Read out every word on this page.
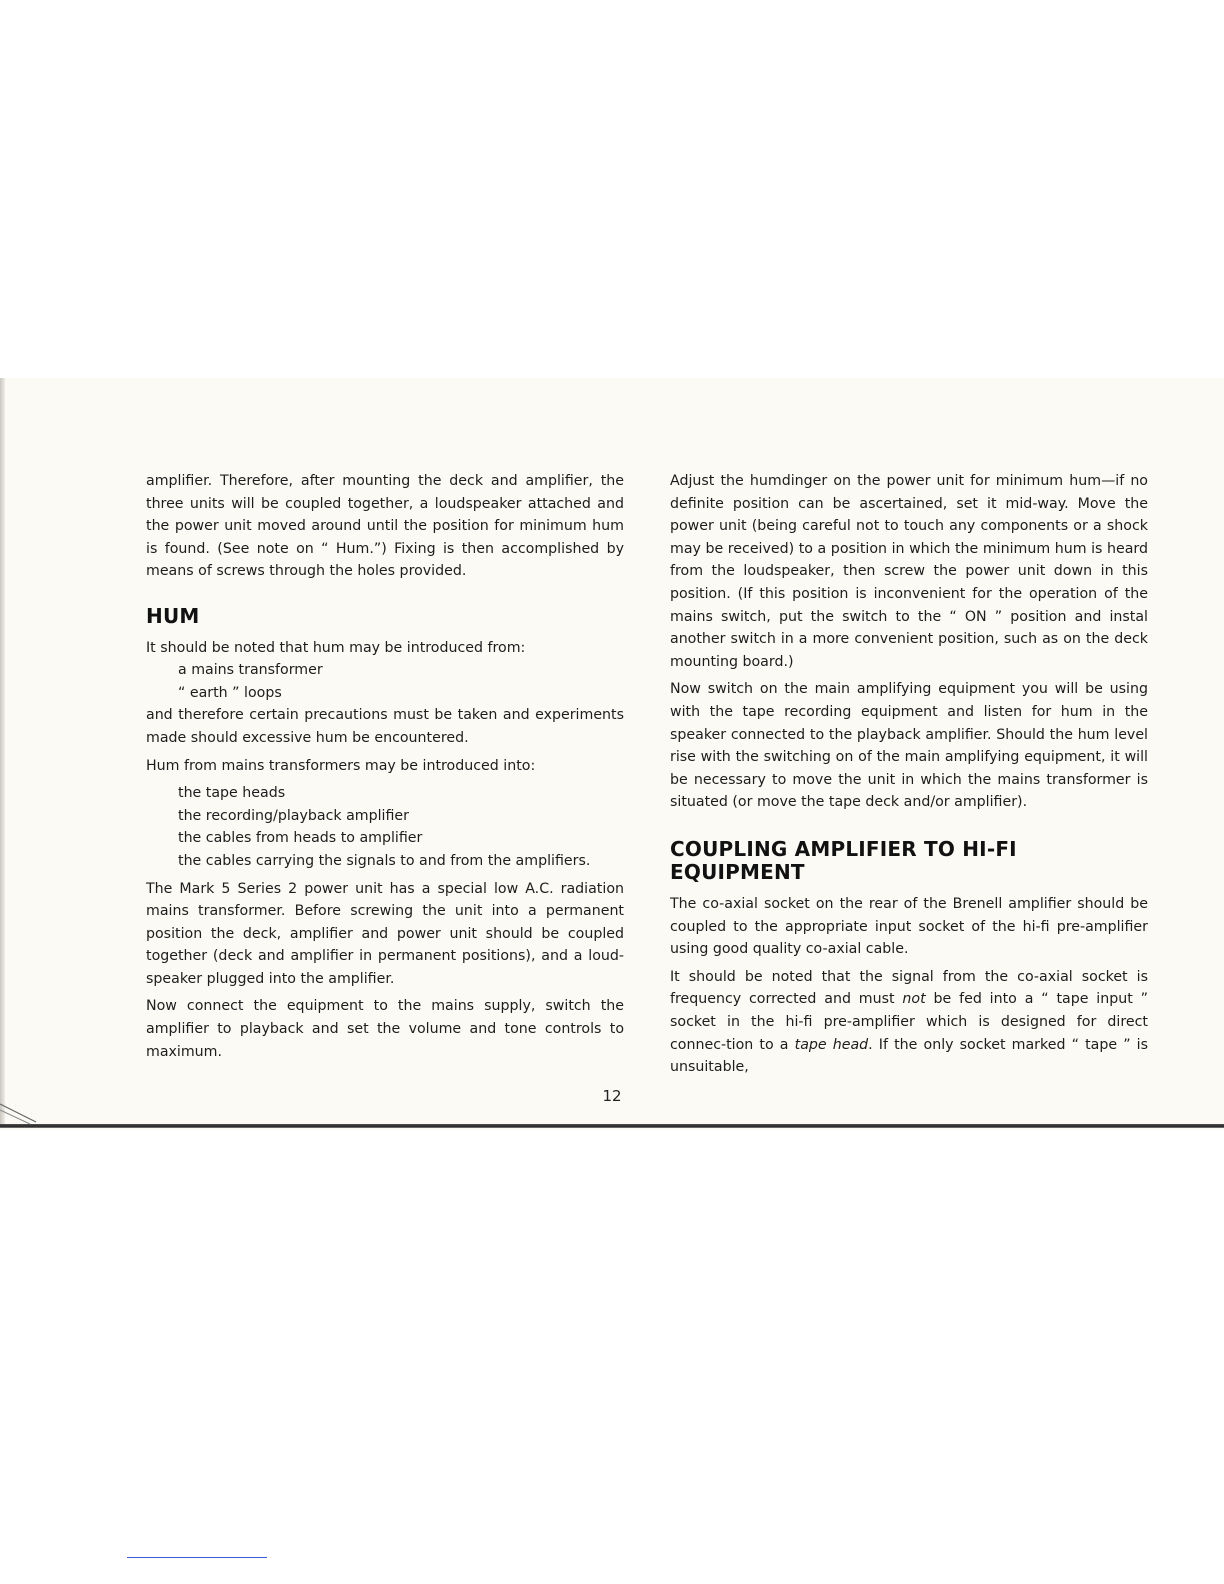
amplifier. Therefore, after mounting the deck and amplifier, the three units will be coupled together, a loudspeaker attached and the power unit moved around until the position for minimum hum is found. (See note on “ Hum.”) Fixing is then accomplished by means of screws through the holes provided.

HUM

It should be noted that hum may be introduced from:

a mains transformer

“ earth ” loops

and therefore certain precautions must be taken and experiments made should excessive hum be encountered.

Hum from mains transformers may be introduced into:

the tape heads

the recording/playback amplifier

the cables from heads to amplifier

the cables carrying the signals to and from the amplifiers.

The Mark 5 Series 2 power unit has a special low A.C. radiation mains transformer. Before screwing the unit into a permanent position the deck, amplifier and power unit should be coupled together (deck and amplifier in permanent positions), and a loud-speaker plugged into the amplifier.

Now connect the equipment to the mains supply, switch the amplifier to playback and set the volume and tone controls to maximum.

Adjust the humdinger on the power unit for minimum hum—if no definite position can be ascertained, set it mid-way. Move the power unit (being careful not to touch any components or a shock may be received) to a position in which the minimum hum is heard from the loudspeaker, then screw the power unit down in this position. (If this position is inconvenient for the operation of the mains switch, put the switch to the “ ON ” position and instal another switch in a more convenient position, such as on the deck mounting board.)

Now switch on the main amplifying equipment you will be using with the tape recording equipment and listen for hum in the speaker connected to the playback amplifier. Should the hum level rise with the switching on of the main amplifying equipment, it will be necessary to move the unit in which the mains transformer is situated (or move the tape deck and/or amplifier).

COUPLING AMPLIFIER TO HI-FI EQUIPMENT

The co-axial socket on the rear of the Brenell amplifier should be coupled to the appropriate input socket of the hi-fi pre-amplifier using good quality co-axial cable.

It should be noted that the signal from the co-axial socket is frequency corrected and must not be fed into a “ tape input ” socket in the hi-fi pre-amplifier which is designed for direct connec-tion to a tape head. If the only socket marked “ tape ” is unsuitable,

12
